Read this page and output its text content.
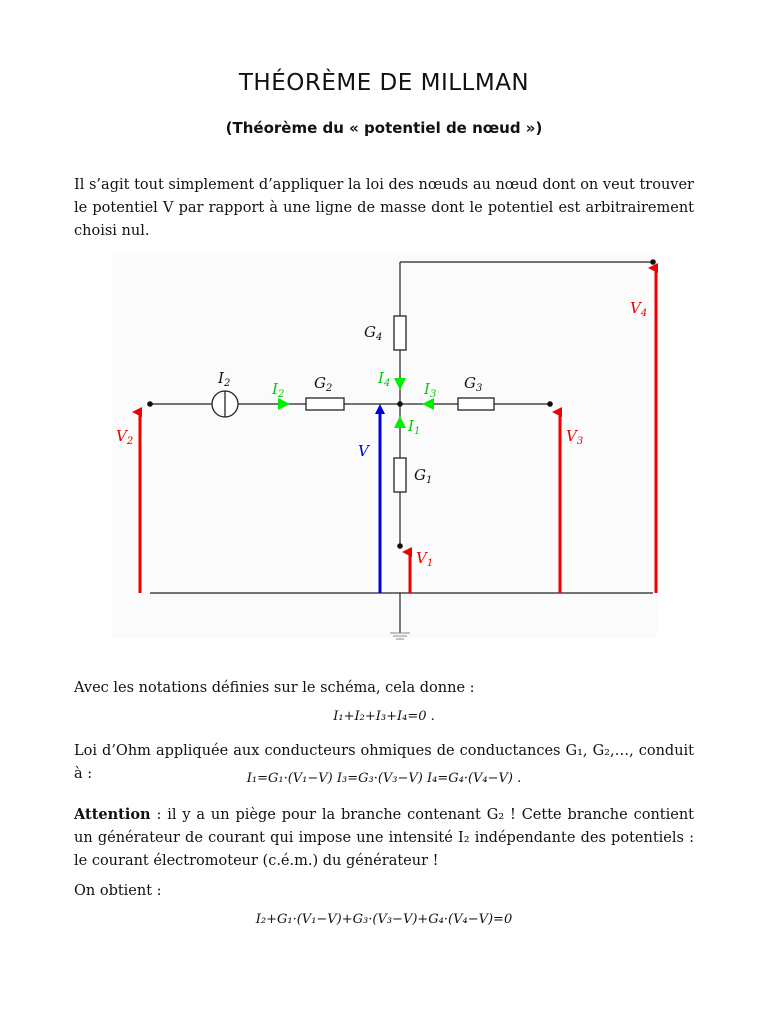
THÉORÈME DE MILLMAN
(Théorème du « potentiel de nœud »)
Il s’agit tout simplement d’appliquer la loi des nœuds au nœud dont on veut trouver le potentiel V par rapport à une ligne de masse dont le potentiel est arbitrairement choisi nul.
$I_2$	$I_2$
$G_2$	$G_3$
$G_4$
$G_1$
$I_4$ $I_3$
$I_1$
V
$V_1$
$V_2$	$V_3$
$V_4$
Avec les notations définies sur le schéma, cela donne :
I₁+I₂+I₃+I₄=0 .
Loi d’Ohm appliquée aux conducteurs ohmiques de conductances G₁, G₂,…, conduit à :	I₁=G₁·(V₁−V) I₃=G₃·(V₃−V) I₄=G₄·(V₄−V) .
Attention : il y a un piège pour la branche contenant G₂ ! Cette branche contient un générateur de courant qui impose une intensité I₂ indépendante des potentiels : le courant électromoteur (c.é.m.) du générateur !
On obtient :
I₂+G₁·(V₁−V)+G₃·(V₃−V)+G₄·(V₄−V)=0
